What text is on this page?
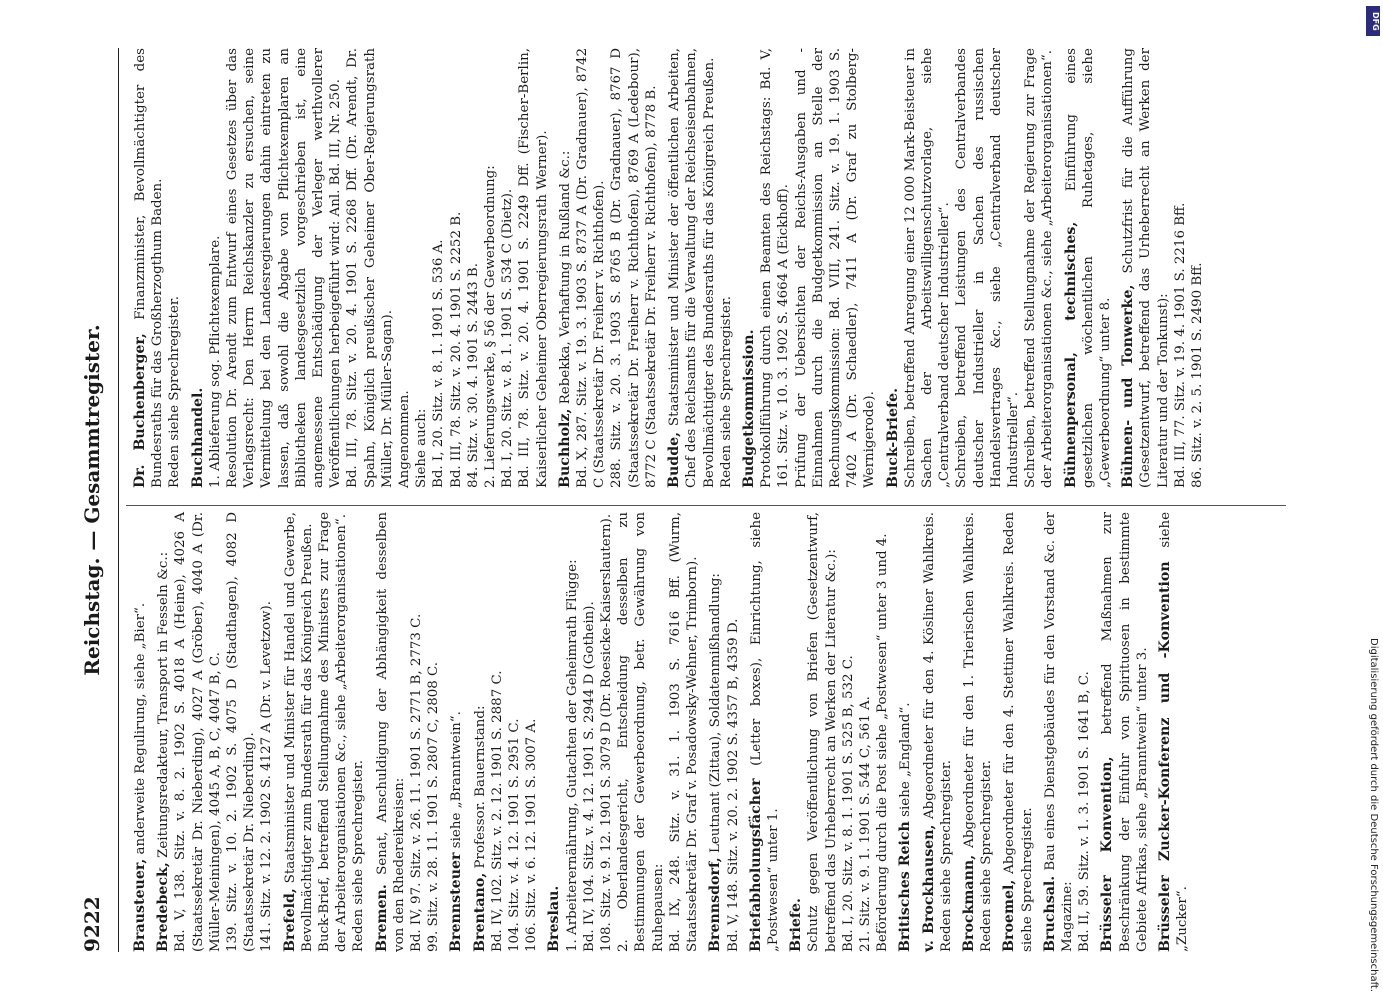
9222
Reichstag. — Gesammtregister.

Brausteuer, anderweite Regulirung, siehe „Bier“.

Bredebeck, Zeitungsredakteur, Transport in Fesseln &c.: Bd. V, 138. Sitz. v. 8. 2. 1902 S. 4018 A (Heine), 4026 A (Staatssekretär Dr. Nieberding), 4027 A (Gröber), 4040 A (Dr. Müller-Meiningen), 4045 A, B, C, 4047 B, C. 139. Sitz. v. 10. 2. 1902 S. 4075 D (Stadthagen), 4082 D (Staatssekretär Dr. Nieberding). 141. Sitz. v. 12. 2. 1902 S. 4127 A (Dr. v. Levetzow). Brefeld, Staatsminister und Minister für Handel und Gewerbe, Bevollmächtigter zum Bundesrath für das Königreich Preußen. Buck-Brief, betreffend Stellungnahme des Ministers zur Frage der Arbeiterorganisationen &c., siehe „Arbeiterorganisationen“. Reden siehe Sprechregister. Bremen. Senat, Anschuldigung der Abhängigkeit desselben von den Rhedereikreisen: Bd. IV, 97. Sitz. v. 26. 11. 1901 S. 2771 B, 2773 C. 99. Sitz. v. 28. 11. 1901 S. 2807 C, 2808 C. Brennsteuer siehe „Branntwein“.

Brentano, Professor. Bauernstand: Bd. IV, 102. Sitz. v. 2. 12. 1901 S. 2887 C. 104. Sitz. v. 4. 12. 1901 S. 2951 C. 106. Sitz. v. 6. 12. 1901 S. 3007 A. Breslau. 1. Arbeiterernährung, Gutachten der Geheimrath Flügge: Bd. IV, 104. Sitz. v. 4. 12. 1901 S. 2944 D (Gothein). 108. Sitz. v. 9. 12. 1901 S. 3079 D (Dr. Roesicke-Kaiserslautern). 2. Oberlandesgericht, Entscheidung desselben zu Bestimmungen der Gewerbeordnung, betr. Gewährung von Ruhepausen: Bd. IX, 248. Sitz. v. 31. 1. 1903 S. 7616 Bff. (Wurm, Staatssekretär Dr. Graf v. Posadowsky-Wehner, Trimborn). Brennsdorf, Leutnant (Zittau), Soldatenmißhandlung: Bd. V, 148. Sitz. v. 20. 2. 1902 S. 4357 B, 4359 D. Briefabholungsfächer (Letter boxes), Einrichtung, siehe „Postwesen“ unter 1. Briefe. Schutz gegen Veröffentlichung von Briefen (Gesetzentwurf, betreffend das Urheberrecht an Werken der Literatur &c.): Bd. I, 20. Sitz. v. 8. 1. 1901 S. 525 B, 532 C. 21. Sitz. v. 9. 1. 1901 S. 544 C, 561 A. Beförderung durch die Post siehe „Postwesen“ unter 3 und 4. Britisches Reich siehe „England“.

v. Brockhausen, Abgeordneter für den 4. Kösliner Wahlkreis. Reden siehe Sprechregister. Brockmann, Abgeordneter für den 1. Trierischen Wahlkreis. Reden siehe Sprechregister. Broemel, Abgeordneter für den 4. Stettiner Wahlkreis. Reden siehe Sprechregister. Bruchsal. Bau eines Dienstgebäudes für den Vorstand &c. der Magazine: Bd. II, 59. Sitz. v. 1. 3. 1901 S. 1641 B, C. Brüsseler Konvention, betreffend Maßnahmen zur Beschränkung der Einfuhr von Spirituosen in bestimmte Gebiete Afrikas, siehe „Branntwein“ unter 3. Brüsseler Zucker-Konferenz und -Konvention siehe „Zucker“.

Dr. Buchenberger, Finanzminister, Bevollmächtigter des Bundesraths für das Großherzogthum Baden. Reden siehe Sprechregister. Buchhandel. 1. Ablieferung sog. Pflichtexemplare. Resolution Dr. Arendt zum Entwurf eines Gesetzes über das Verlagsrecht: Den Herrn Reichskanzler zu ersuchen, seine Vermittelung bei den Landesregierungen dahin eintreten zu lassen, daß sowohl die Abgabe von Pflichtexemplaren an Bibliotheken landesgesetzlich vorgeschrieben ist, eine angemessene Entschädigung der Verleger werthvollerer Veröffentlichungen herbeigeführt wird: Anl. Bd. III, Nr. 250. Bd. III, 78. Sitz. v. 20. 4. 1901 S. 2268 Dff. (Dr. Arendt, Dr. Spahn, Königlich preußischer Geheimer Ober-Regierungsrath Müller, Dr. Müller-Sagan). Angenommen. Siehe auch: Bd. I, 20. Sitz. v. 8. 1. 1901 S. 536 A. Bd. III, 78. Sitz. v. 20. 4. 1901 S. 2252 B. 84. Sitz. v. 30. 4. 1901 S. 2443 B. 2. Lieferungswerke, § 56 der Gewerbeordnung: Bd. I, 20. Sitz. v. 8. 1. 1901 S. 534 C (Dietz). Bd. III, 78. Sitz. v. 20. 4. 1901 S. 2249 Dff. (Fischer-Berlin, Kaiserlicher Geheimer Oberregierungsrath Werner). Buchholz, Rebekka, Verhaftung in Rußland &c.: Bd. X, 287. Sitz. v. 19. 3. 1903 S. 8737 A (Dr. Gradnauer), 8742 C (Staatssekretär Dr. Freiherr v. Richthofen). 288. Sitz. v. 20. 3. 1903 S. 8765 B (Dr. Gradnauer), 8767 D (Staatssekretär Dr. Freiherr v. Richthofen), 8769 A (Ledebour), 8772 C (Staatssekretär Dr. Freiherr v. Richthofen), 8778 B. Budde, Staatsminister und Minister der öffentlichen Arbeiten, Chef des Reichsamts für die Verwaltung der Reichseisenbahnen, Bevollmächtigter des Bundesraths für das Königreich Preußen. Reden siehe Sprechregister. Budgetkommission. Protokollführung durch einen Beamten des Reichstags: Bd. V, 161. Sitz. v. 10. 3. 1902 S. 4664 A (Eickhoff). Prüfung der Uebersichten der Reichs-Ausgaben und -Einnahmen durch die Budgetkommission an Stelle der Rechnungskommission: Bd. VIII, 241. Sitz. v. 19. 1. 1903 S. 7402 A (Dr. Schaedler), 7411 A (Dr. Graf zu Stolberg-Wernigerode). Buck-Briefe. Schreiben, betreffend Anregung einer 12 000 Mark-Beisteuer in Sachen der Arbeitswilligenschutzvorlage, siehe „Centralverband deutscher Industrieller“. Schreiben, betreffend Leistungen des Centralverbandes deutscher Industrieller in Sachen des russischen Handelsvertrages &c., siehe „Centralverband deutscher Industrieller“. Schreiben, betreffend Stellungnahme der Regierung zur Frage der Arbeiterorganisationen &c., siehe „Arbeiterorganisationen“. Bühnenpersonal, technisches, Einführung eines gesetzlichen wöchentlichen Ruhetages, siehe „Gewerbeordnung“ unter 8. Bühnen- und Tonwerke, Schutzfrist für die Aufführung (Gesetzentwurf, betreffend das Urheberrecht an Werken der Literatur und der Tonkunst): Bd. III, 77. Sitz. v. 19. 4. 1901 S. 2216 Bff. 86. Sitz. v. 2. 5. 1901 S. 2490 Bff.

Digitalisierung gefördert durch die Deutsche Forschungsgemeinschaft.
DFG
